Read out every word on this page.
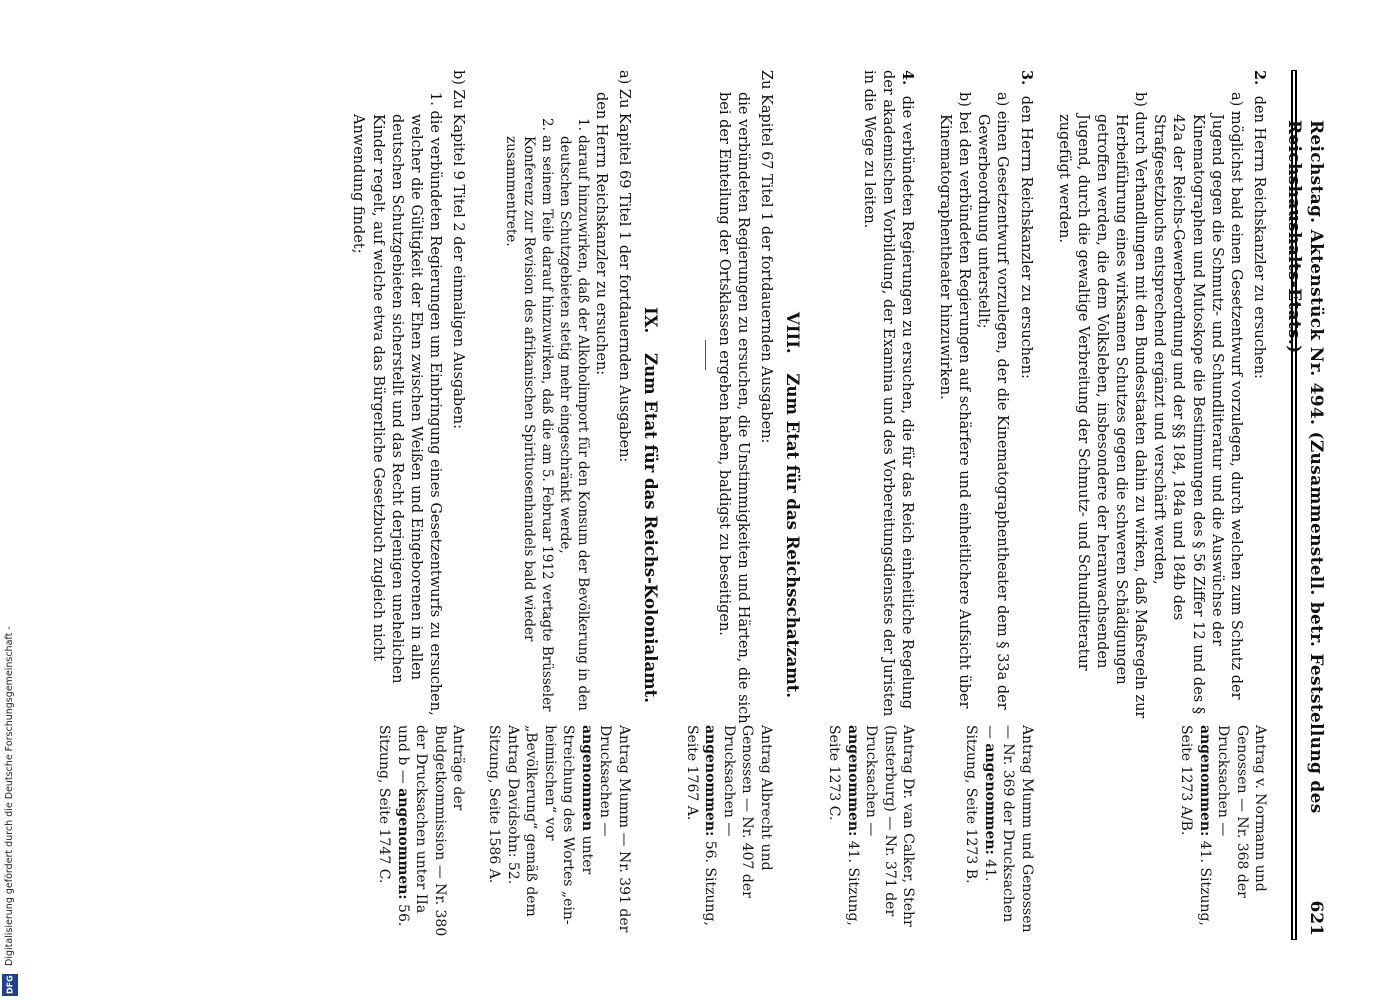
Reichstag. Aktenstück Nr. 494. (Zusammenstell. betr. Feststellung des Reichshaushalts-Etats.)
621
2. den Herrn Reichskanzler zu ersuchen:
a) möglichst bald einen Gesetzentwurf vorzulegen, durch welchen zum Schutz der Jugend gegen die Schmutz- und Schundliteratur und die Auswüchse der Kinematographen und Mutoskope die Bestimmungen des § 56 Ziffer 12 und des § 42a der Reichs-Gewerbeordnung und der §§ 184, 184a und 184b des Strafgesetzbuchs entsprechend ergänzt und verschärft werden,
b) durch Verhandlungen mit den Bundesstaaten dahin zu wirken, daß Maßregeln zur Herbeiführung eines wirksamen Schutzes gegen die schweren Schädigungen getroffen werden, die dem Volksleben, insbesondere der heranwachsenden Jugend, durch die gewaltige Verbreitung der Schmutz- und Schundliteratur zugefügt werden.
Antrag v. Normann und Genossen — Nr. 368 der Drucksachen — angenommen: 41. Sitzung, Seite 1273 A/B.
3. den Herrn Reichskanzler zu ersuchen:
a) einen Gesetzentwurf vorzulegen, der die Kinematographentheater dem § 33a der Gewerbeordnung unterstellt;
b) bei den verbündeten Regierungen auf schärfere und einheitlichere Aufsicht über Kinematographentheater hinzuwirken.
Antrag Mumm und Genossen — Nr. 369 der Drucksachen — angenommen: 41. Sitzung, Seite 1273 B.
4. die verbündeten Regierungen zu ersuchen, die für das Reich einheitliche Regelung der akademischen Vorbildung, der Examina und des Vorbereitungsdienstes der Juristen in die Wege zu leiten.
Antrag Dr. van Calker, Stehr (Insterburg) — Nr. 371 der Drucksachen — angenommen: 41. Sitzung, Seite 1273 C.
VIII. Zum Etat für das Reichsschatzamt.
Zu Kapitel 67 Titel 1 der fortdauernden Ausgaben:
die verbündeten Regierungen zu ersuchen, die Unstimmigkeiten und Härten, die sich bei der Einteilung der Ortsklassen ergeben haben, baldigst zu beseitigen.
Antrag Albrecht und Genossen — Nr. 407 der Drucksachen — angenommen: 56. Sitzung, Seite 1767 A.
IX. Zum Etat für das Reichs-Kolonialamt.
a) Zu Kapitel 69 Titel 1 der fortdauernden Ausgaben:
den Herrn Reichskanzler zu ersuchen:
1. darauf hinzuwirken, daß der Alkoholimport für den Konsum der Bevölkerung in den deutschen Schutzgebieten stetig mehr eingeschränkt werde,
2. an seinem Teile darauf hinzuwirken, daß die am 5. Februar 1912 vertagte Brüsseler Konferenz zur Revision des afrikanischen Spirituosenhandels bald wieder zusammentrete.
Antrag Mumm — Nr. 391 der Drucksachen — angenommen unter Streichung des Wortes „ein-heimischen“ vor „Bevölkerung“ gemäß dem Antrag Davidsohn: 52. Sitzung, Seite 1586 A.
b) Zu Kapitel 9 Titel 2 der einmaligen Ausgaben:
1. die verbündeten Regierungen um Einbringung eines Gesetzentwurfs zu ersuchen, welcher die Gültigkeit der Ehen zwischen Weißen und Eingeborenen in allen deutschen Schutzgebieten sicherstellt und das Recht derjenigen unehelichen Kinder regelt, auf welche etwa das Bürgerliche Gesetzbuch zugleich nicht Anwendung findet;
Anträge der Budgetkommission — Nr. 380 der Drucksachen unter IIa und b — angenommen: 56. Sitzung, Seite 1747 C.
Digitalisierung gefördert durch die Deutsche Forschungsgemeinschaft -
DFG
